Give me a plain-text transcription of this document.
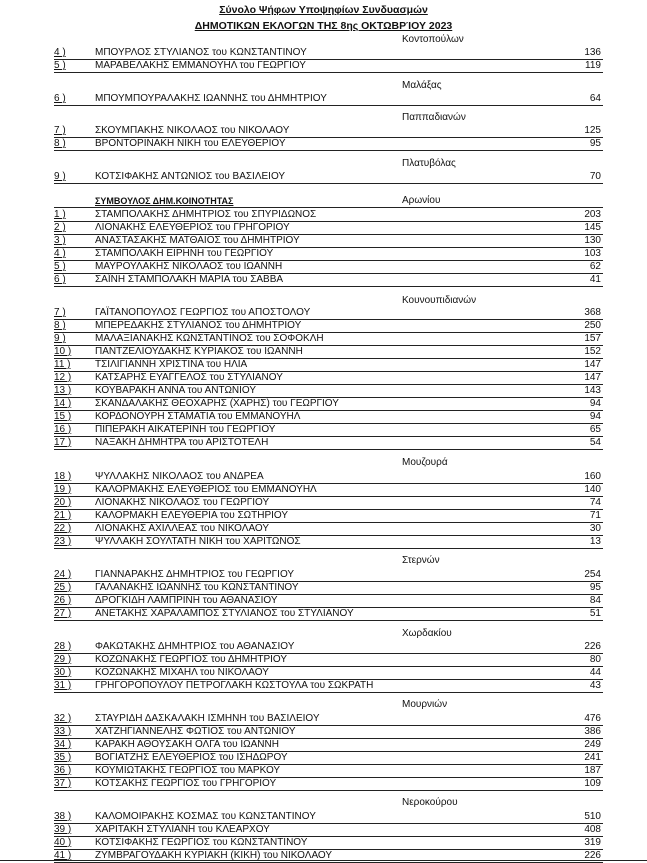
Σύνολο Ψήφων Υποψηφίων Συνδυασμών
ΔΗΜΟΤΙΚΩΝ ΕΚΛΟΓΩΝ ΤΗΣ 8ης ΟΚΤΩΒΡΊΟΥ 2023
Κοντοπούλων
4 )	ΜΠΟΥΡΛΟΣ ΣΤΥΛΙΑΝΟΣ του ΚΩΝΣΤΑΝΤΙΝΟΥ	136
5 )	ΜΑΡΑΒΕΛΑΚΗΣ ΕΜΜΑΝΟΥΗΛ του ΓΕΩΡΓΙΟΥ	119
Μαλάξας
6 )	ΜΠΟΥΜΠΟΥΡΑΛΑΚΗΣ ΙΩΑΝΝΗΣ του ΔΗΜΗΤΡΙΟΥ	64
Παππαδιανών
7 )	ΣΚΟΥΜΠΑΚΗΣ ΝΙΚΟΛΑΟΣ του ΝΙΚΟΛΑΟΥ	125
8 )	ΒΡΟΝΤΟΡΙΝΑΚΗ ΝΙΚΗ του ΕΛΕΥΘΕΡΙΟΥ	95
Πλατυβόλας
9 )	ΚΟΤΣΙΦΑΚΗΣ ΑΝΤΩΝΙΟΣ του ΒΑΣΙΛΕΙΟΥ	70
Αρωνίου
ΣΥΜΒΟΥΛΟΣ ΔΗΜ.ΚΟΙΝΟΤΗΤΑΣ
1 )	ΣΤΑΜΠΟΛΑΚΗΣ ΔΗΜΗΤΡΙΟΣ του ΣΠΥΡΙΔΩΝΟΣ	203
2 )	ΛΙΟΝΑΚΗΣ ΕΛΕΥΘΕΡΙΟΣ του ΓΡΗΓΟΡΙΟΥ	145
3 )	ΑΝΑΣΤΑΣΑΚΗΣ ΜΑΤΘΑΙΟΣ του ΔΗΜΗΤΡΙΟΥ	130
4 )	ΣΤΑΜΠΟΛΑΚΗ ΕΙΡΗΝΗ του ΓΕΩΡΓΙΟΥ	103
5 )	ΜΑΥΡΟΥΛΑΚΗΣ ΝΙΚΟΛΑΟΣ του ΙΩΑΝΝΗ	62
6 )	ΣΑΪΝΗ ΣΤΑΜΠΟΛΑΚΗ ΜΑΡΙΑ του ΣΑΒΒΑ	41
Κουνουπιδιανών
7 )	ΓΑΪΤΑΝΟΠΟΥΛΟΣ ΓΕΩΡΓΙΟΣ του ΑΠΟΣΤΟΛΟΥ	368
8 )	ΜΠΕΡΕΔΑΚΗΣ ΣΤΥΛΙΑΝΟΣ του ΔΗΜΗΤΡΙΟΥ	250
9 )	ΜΑΛΑΞΙΑΝΑΚΗΣ ΚΩΝΣΤΑΝΤΙΝΟΣ του ΣΟΦΟΚΛΗ	157
10 )	ΠΑΝΤΖΕΛΙΟΥΔΑΚΗΣ ΚΥΡΙΑΚΟΣ του ΙΩΑΝΝΗ	152
11 )	ΤΣΙΛΙΓΙΑΝΝΗ ΧΡΙΣΤΙΝΑ του ΗΛΙΑ	147
12 )	ΚΑΤΣΑΡΗΣ ΕΥΑΓΓΕΛΟΣ του ΣΤΥΛΙΑΝΟΥ	147
13 )	ΚΟΥΒΑΡΑΚΗ ΑΝΝΑ του ΑΝΤΩΝΙΟΥ	143
14 )	ΣΚΑΝΔΑΛΑΚΗΣ ΘΕΟΧΑΡΗΣ (ΧΑΡΗΣ) του ΓΕΩΡΓΙΟΥ	94
15 )	ΚΟΡΔΟΝΟΥΡΗ ΣΤΑΜΑΤΙΑ του ΕΜΜΑΝΟΥΗΛ	94
16 )	ΠΙΠΕΡΑΚΗ ΑΙΚΑΤΕΡΙΝΗ του ΓΕΩΡΓΙΟΥ	65
17 )	ΝΑΞΑΚΗ ΔΗΜΗΤΡΑ του ΑΡΙΣΤΟΤΕΛΗ	54
Μουζουρά
18 )	ΨΥΛΛΑΚΗΣ ΝΙΚΟΛΑΟΣ του ΑΝΔΡΕΑ	160
19 )	ΚΑΛΟΡΜΑΚΗΣ ΕΛΕΥΘΕΡΙΟΣ του ΕΜΜΑΝΟΥΗΛ	140
20 )	ΛΙΟΝΑΚΗΣ ΝΙΚΟΛΑΟΣ του ΓΕΩΡΓΙΟΥ	74
21 )	ΚΑΛΟΡΜΑΚΗ ΕΛΕΥΘΕΡΙΑ του ΣΩΤΗΡΙΟΥ	71
22 )	ΛΙΟΝΑΚΗΣ ΑΧΙΛΛΕΑΣ του ΝΙΚΟΛΑΟΥ	30
23 )	ΨΥΛΛΑΚΗ ΣΟΥΛΤΑΤΗ ΝΙΚΗ του ΧΑΡΙΤΩΝΟΣ	13
Στερνών
24 )	ΓΙΑΝΝΑΡΑΚΗΣ ΔΗΜΗΤΡΙΟΣ του ΓΕΩΡΓΙΟΥ	254
25 )	ΓΑΛΑΝΑΚΗΣ ΙΩΑΝΝΗΣ του ΚΩΝΣΤΑΝΤΙΝΟΥ	95
26 )	ΔΡΟΓΚΙΔΗ ΛΑΜΠΡΙΝΗ του ΑΘΑΝΑΣΙΟΥ	84
27 )	ΑΝΕΤΑΚΗΣ ΧΑΡΑΛΑΜΠΟΣ ΣΤΥΛΙΑΝΟΣ του ΣΤΥΛΙΑΝΟΥ	51
Χωρδακίου
28 )	ΦΑΚΩΤΑΚΗΣ ΔΗΜΗΤΡΙΟΣ του ΑΘΑΝΑΣΙΟΥ	226
29 )	ΚΟΖΩΝΑΚΗΣ ΓΕΩΡΓΙΟΣ του ΔΗΜΗΤΡΙΟΥ	80
30 )	ΚΟΖΩΝΑΚΗΣ ΜΙΧΑΗΛ του ΝΙΚΟΛΑΟΥ	44
31 )	ΓΡΗΓΟΡΟΠΟΥΛΟΥ ΠΕΤΡΟΓΛΑΚΗ ΚΩΣΤΟΥΛΑ του ΣΩΚΡΑΤΗ	43
Μουρνιών
32 )	ΣΤΑΥΡΙΔΗ ΔΑΣΚΑΛΑΚΗ ΙΣΜΗΝΗ του ΒΑΣΙΛΕΙΟΥ	476
33 )	ΧΑΤΖΗΓΙΑΝΝΕΛΗΣ ΦΩΤΙΟΣ του ΑΝΤΩΝΙΟΥ	386
34 )	ΚΑΡΑΚΗ ΑΘΟΥΣΑΚΗ ΟΛΓΑ του ΙΩΑΝΝΗ	249
35 )	ΒΟΓΙΑΤΖΗΣ ΕΛΕΥΘΕΡΙΟΣ του ΙΣΗΔΩΡΟΥ	241
36 )	ΚΟΥΜΙΩΤΑΚΗΣ ΓΕΩΡΓΙΟΣ του ΜΑΡΚΟΥ	187
37 )	ΚΟΤΣΑΚΗΣ ΓΕΩΡΓΙΟΣ του ΓΡΗΓΟΡΙΟΥ	109
Νεροκούρου
38 )	ΚΑΛΟΜΟΙΡΑΚΗΣ ΚΟΣΜΑΣ του ΚΩΝΣΤΑΝΤΙΝΟΥ	510
39 )	ΧΑΡΙΤΑΚΗ ΣΤΥΛΙΑΝΗ του ΚΛΕΑΡΧΟΥ	408
40 )	ΚΟΤΣΙΦΑΚΗΣ ΓΕΩΡΓΙΟΣ του ΚΩΝΣΤΑΝΤΙΝΟΥ	319
41 )	ΖΥΜΒΡΑΓΟΥΔΑΚΗ ΚΥΡΙΑΚΗ (ΚΙΚΗ) του ΝΙΚΟΛΑΟΥ	226
